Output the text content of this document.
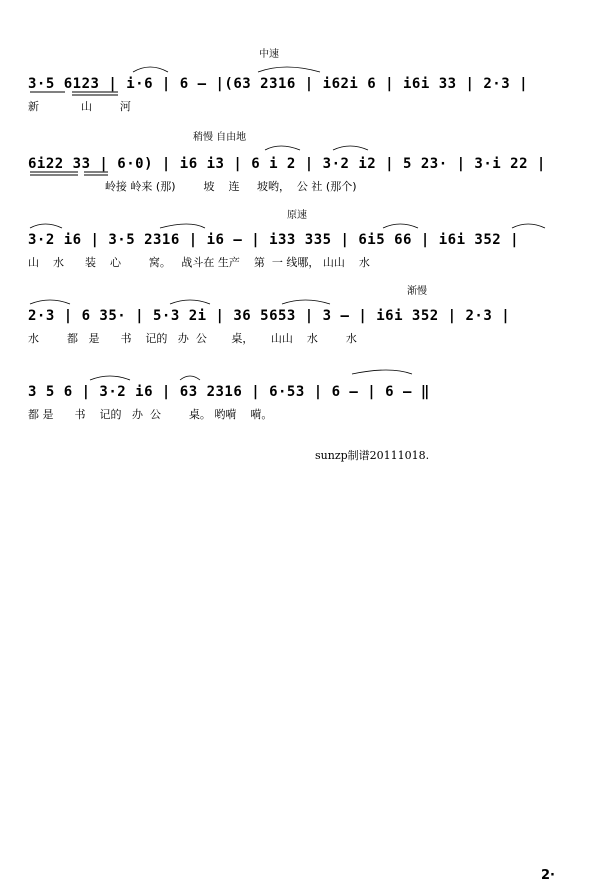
中速
3·5 6123 | i·6 | 6 – |(63 2316 | i62i 6 | i6i 33 | 2·3 |
新            山        河
稍慢 自由地
6i22 33 | 6·0) | i6 i3 | 6 i 2 | 3·2 i2 | 5 23· | 3·i 22 |
岭接 岭来 (那)        坡    连     坡哟，  公 社 (那个)
原速
3·2 i6 | 3·5 2316 | i6 – | i33 335 | 6i5 66 | i6i 352 |
山    水      装    心        窝。   战斗在 生产    第  一 线哪， 山山    水
渐慢
2·3 | 6 35· | 5·3 2i | 36 5653 | 3 – | i6i 352 | 2·3 |
水        都   是      书    记的   办  公       桌，     山山    水        水
3 5 6 | 3·2 i6 | 63 2316 | 6·53 | 6 – | 6 – ‖
都 是      书    记的   办  公        桌。 哟嗬    嗬。
sunzp制谱20111018.
2·
